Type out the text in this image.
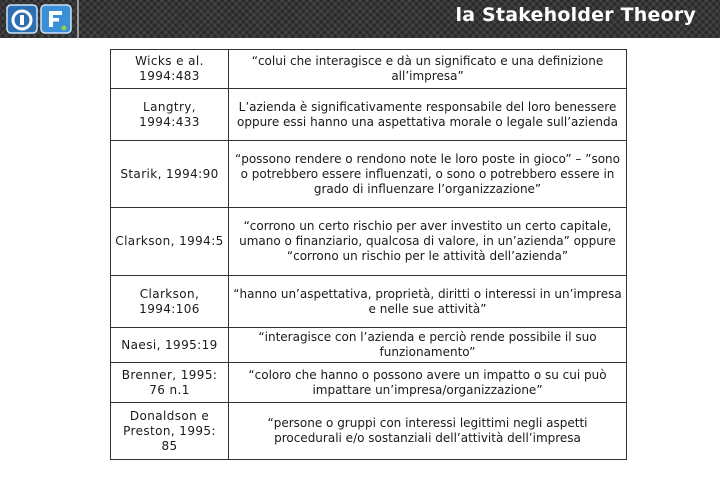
la Stakeholder Theory
Wicks e al. 1994:483	“colui che interagisce e dà un significato e una definizione all’impresa”
Langtry, 1994:433	L’azienda è significativamente responsabile del loro benessere oppure essi hanno una aspettativa morale o legale sull’azienda
Starik, 1994:90	“possono rendere o rendono note le loro poste in gioco” – ”sono o potrebbero essere influenzati, o sono o potrebbero essere in grado di influenzare l’organizzazione”
Clarkson, 1994:5	“corrono un certo rischio per aver investito un certo capitale, umano o finanziario, qualcosa di valore, in un’azienda” oppure “corrono un rischio per le attività dell’azienda”
Clarkson, 1994:106	“hanno un’aspettativa, proprietà, diritti o interessi in un’impresa e nelle sue attività”
Naesi, 1995:19	“interagisce con l’azienda e perciò rende possibile il suo funzionamento”
Brenner, 1995: 76 n.1	“coloro che hanno o possono avere un impatto o su cui può impattare un’impresa/organizzazione”
Donaldson e Preston, 1995: 85	“persone o gruppi con interessi legittimi negli aspetti procedurali e/o sostanziali dell’attività dell’impresa
